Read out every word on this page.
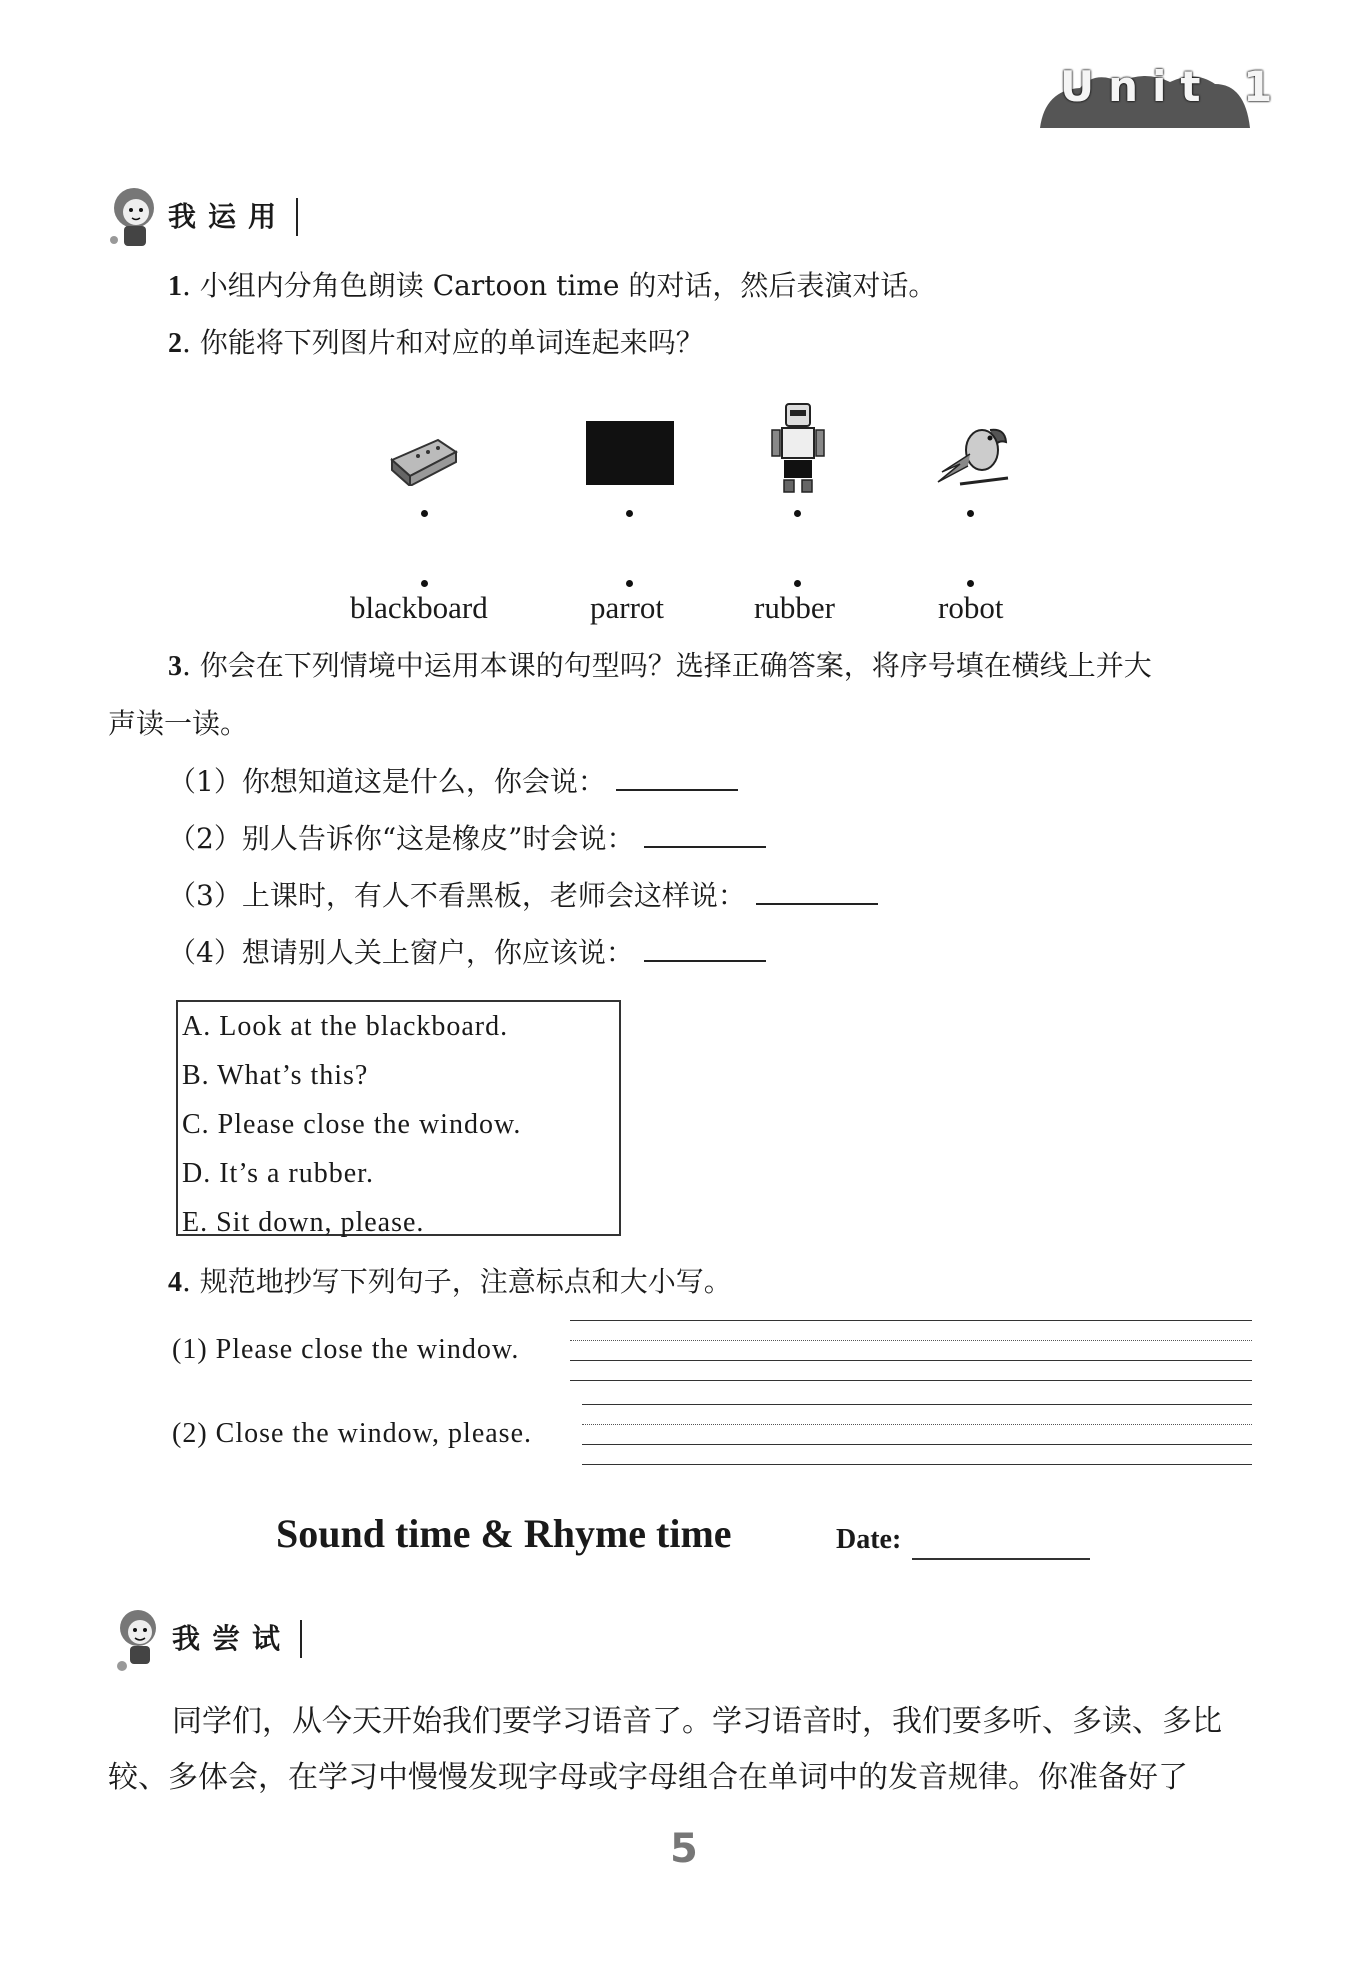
Unit 1
我运用
1. 小组内分角色朗读 Cartoon time 的对话，然后表演对话。
2. 你能将下列图片和对应的单词连起来吗？
blackboard	parrot	rubber	robot
3. 你会在下列情境中运用本课的句型吗？选择正确答案，将序号填在横线上并大
声读一读。
（1）你想知道这是什么，你会说：
（2）别人告诉你“这是橡皮”时会说：
（3）上课时，有人不看黑板，老师会这样说：
（4）想请别人关上窗户，你应该说：
A. Look at the blackboard.
B. What’s this?
C. Please close the window.
D. It’s a rubber.
E. Sit down, please.
4. 规范地抄写下列句子，注意标点和大小写。
(1) Please close the window.
(2) Close the window, please.
Sound time & Rhyme time	Date:
我尝试
同学们，从今天开始我们要学习语音了。学习语音时，我们要多听、多读、多比
较、多体会，在学习中慢慢发现字母或字母组合在单词中的发音规律。你准备好了
5
